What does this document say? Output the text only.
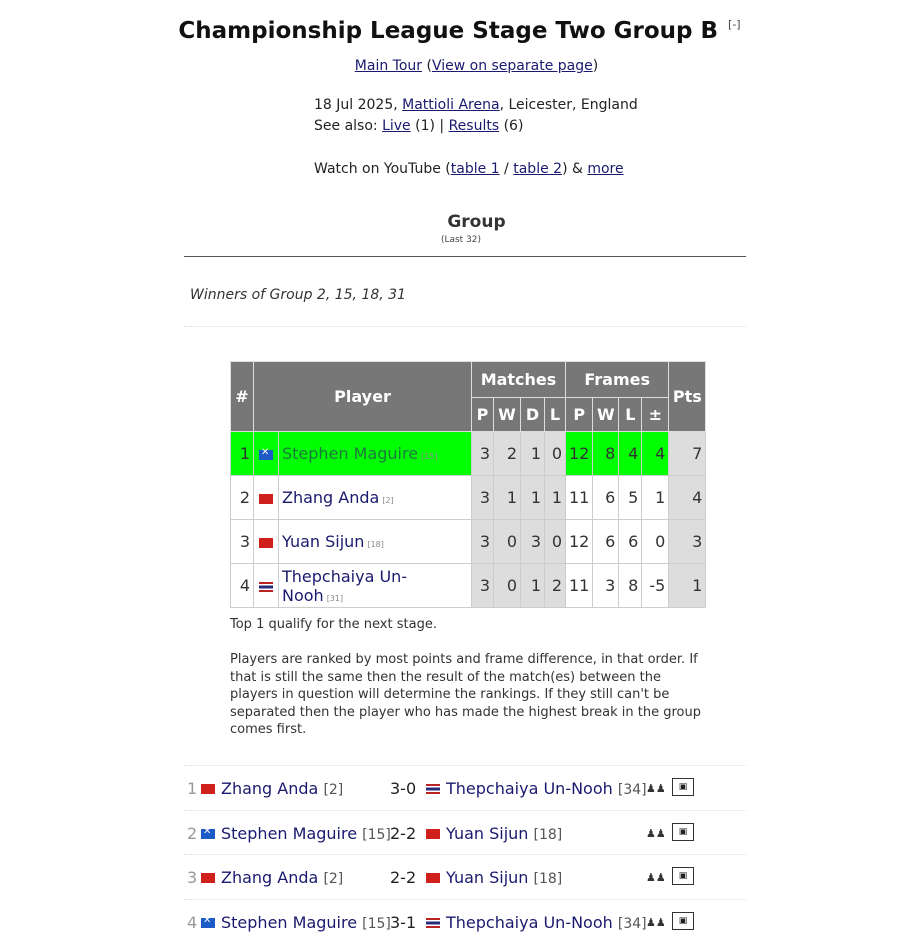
Championship League Stage Two Group B [-]
Main Tour (View on separate page)
18 Jul 2025, Mattioli Arena, Leicester, England
See also: Live (1) | Results (6)
Watch on YouTube (table 1 / table 2) & more
Group
(Last 32)
Winners of Group 2, 15, 18, 31
#	Player		Matches				Frames				Pts
			P	W	D	L	P	W	L	±	
1	✕	Stephen Maguire [15]	3	2	1	0	12	8	4	4	7
2		Zhang Anda [2]	3	1	1	1	11	6	5	1	4
3		Yuan Sijun [18]	3	0	3	0	12	6	6	0	3
4		Thepchaiya Un-Nooh [31]	3	0	1	2	11	3	8	-5	1
Top 1 qualify for the next stage.
Players are ranked by most points and frame difference, in that order. If that is still the same then the result of the match(es) between the players in question will determine the rankings. If they still can't be separated then the player who has made the highest break in the group comes first.
1 Zhang Anda [2]	3-0 Thepchaiya Un-Nooh [34] ♟♟	▣
2 ✕ Stephen Maguire [15] 2-2 Yuan Sijun [18]	♟♟	▣
3 Zhang Anda [2]	2-2 Yuan Sijun [18]	♟♟	▣
4 ✕ Stephen Maguire [15] 3-1 Thepchaiya Un-Nooh [34] ♟♟	▣
